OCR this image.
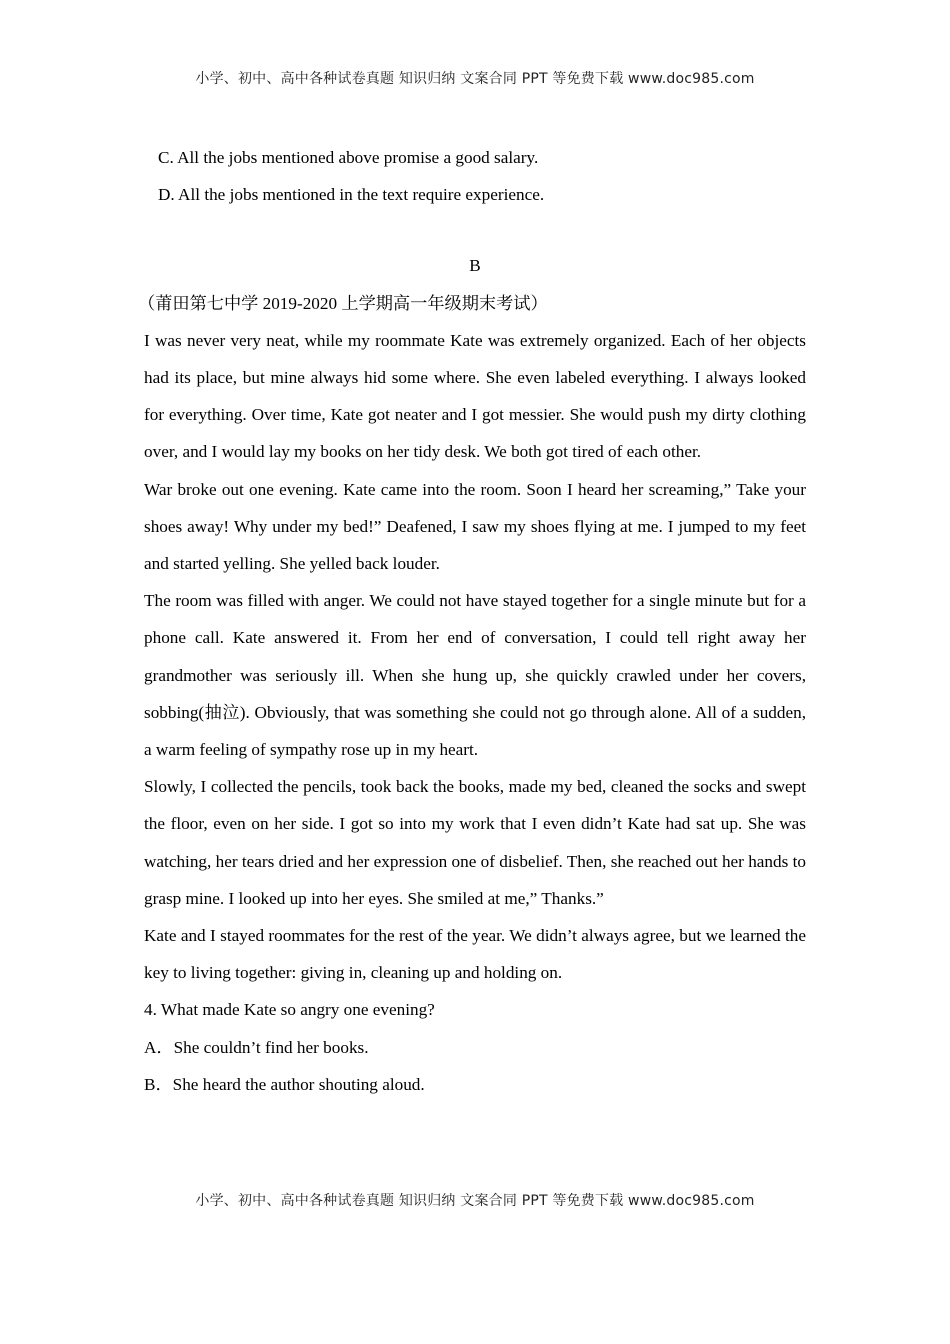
小学、初中、高中各种试卷真题 知识归纳 文案合同 PPT 等免费下载 www.doc985.com
C. All the jobs mentioned above promise a good salary.
D. All the jobs mentioned in the text require experience.
B
（莆田第七中学 2019-2020 上学期高一年级期末考试）
I was never very neat, while my roommate Kate was extremely organized. Each of her objects had its place, but mine always hid some where. She even labeled everything. I always looked for everything. Over time, Kate got neater and I got messier. She would push my dirty clothing over, and I would lay my books on her tidy desk. We both got tired of each other.
War broke out one evening. Kate came into the room. Soon I heard her screaming,” Take your shoes away! Why under my bed!” Deafened, I saw my shoes flying at me. I jumped to my feet and started yelling. She yelled back louder.
The room was filled with anger. We could not have stayed together for a single minute but for a phone call. Kate answered it. From her end of conversation, I could tell right away her grandmother was seriously ill. When she hung up, she quickly crawled under her covers, sobbing(抽泣). Obviously, that was something she could not go through alone. All of a sudden, a warm feeling of sympathy rose up in my heart.
Slowly, I collected the pencils, took back the books, made my bed, cleaned the socks and swept the floor, even on her side. I got so into my work that I even didn’t Kate had sat up. She was watching, her tears dried and her expression one of disbelief. Then, she reached out her hands to grasp mine. I looked up into her eyes. She smiled at me,” Thanks.”
Kate and I stayed roommates for the rest of the year. We didn’t always agree, but we learned the key to living together: giving in, cleaning up and holding on.
4. What made Kate so angry one evening?
A．She couldn’t find her books.
B．She heard the author shouting aloud.
小学、初中、高中各种试卷真题 知识归纳 文案合同 PPT 等免费下载 www.doc985.com
